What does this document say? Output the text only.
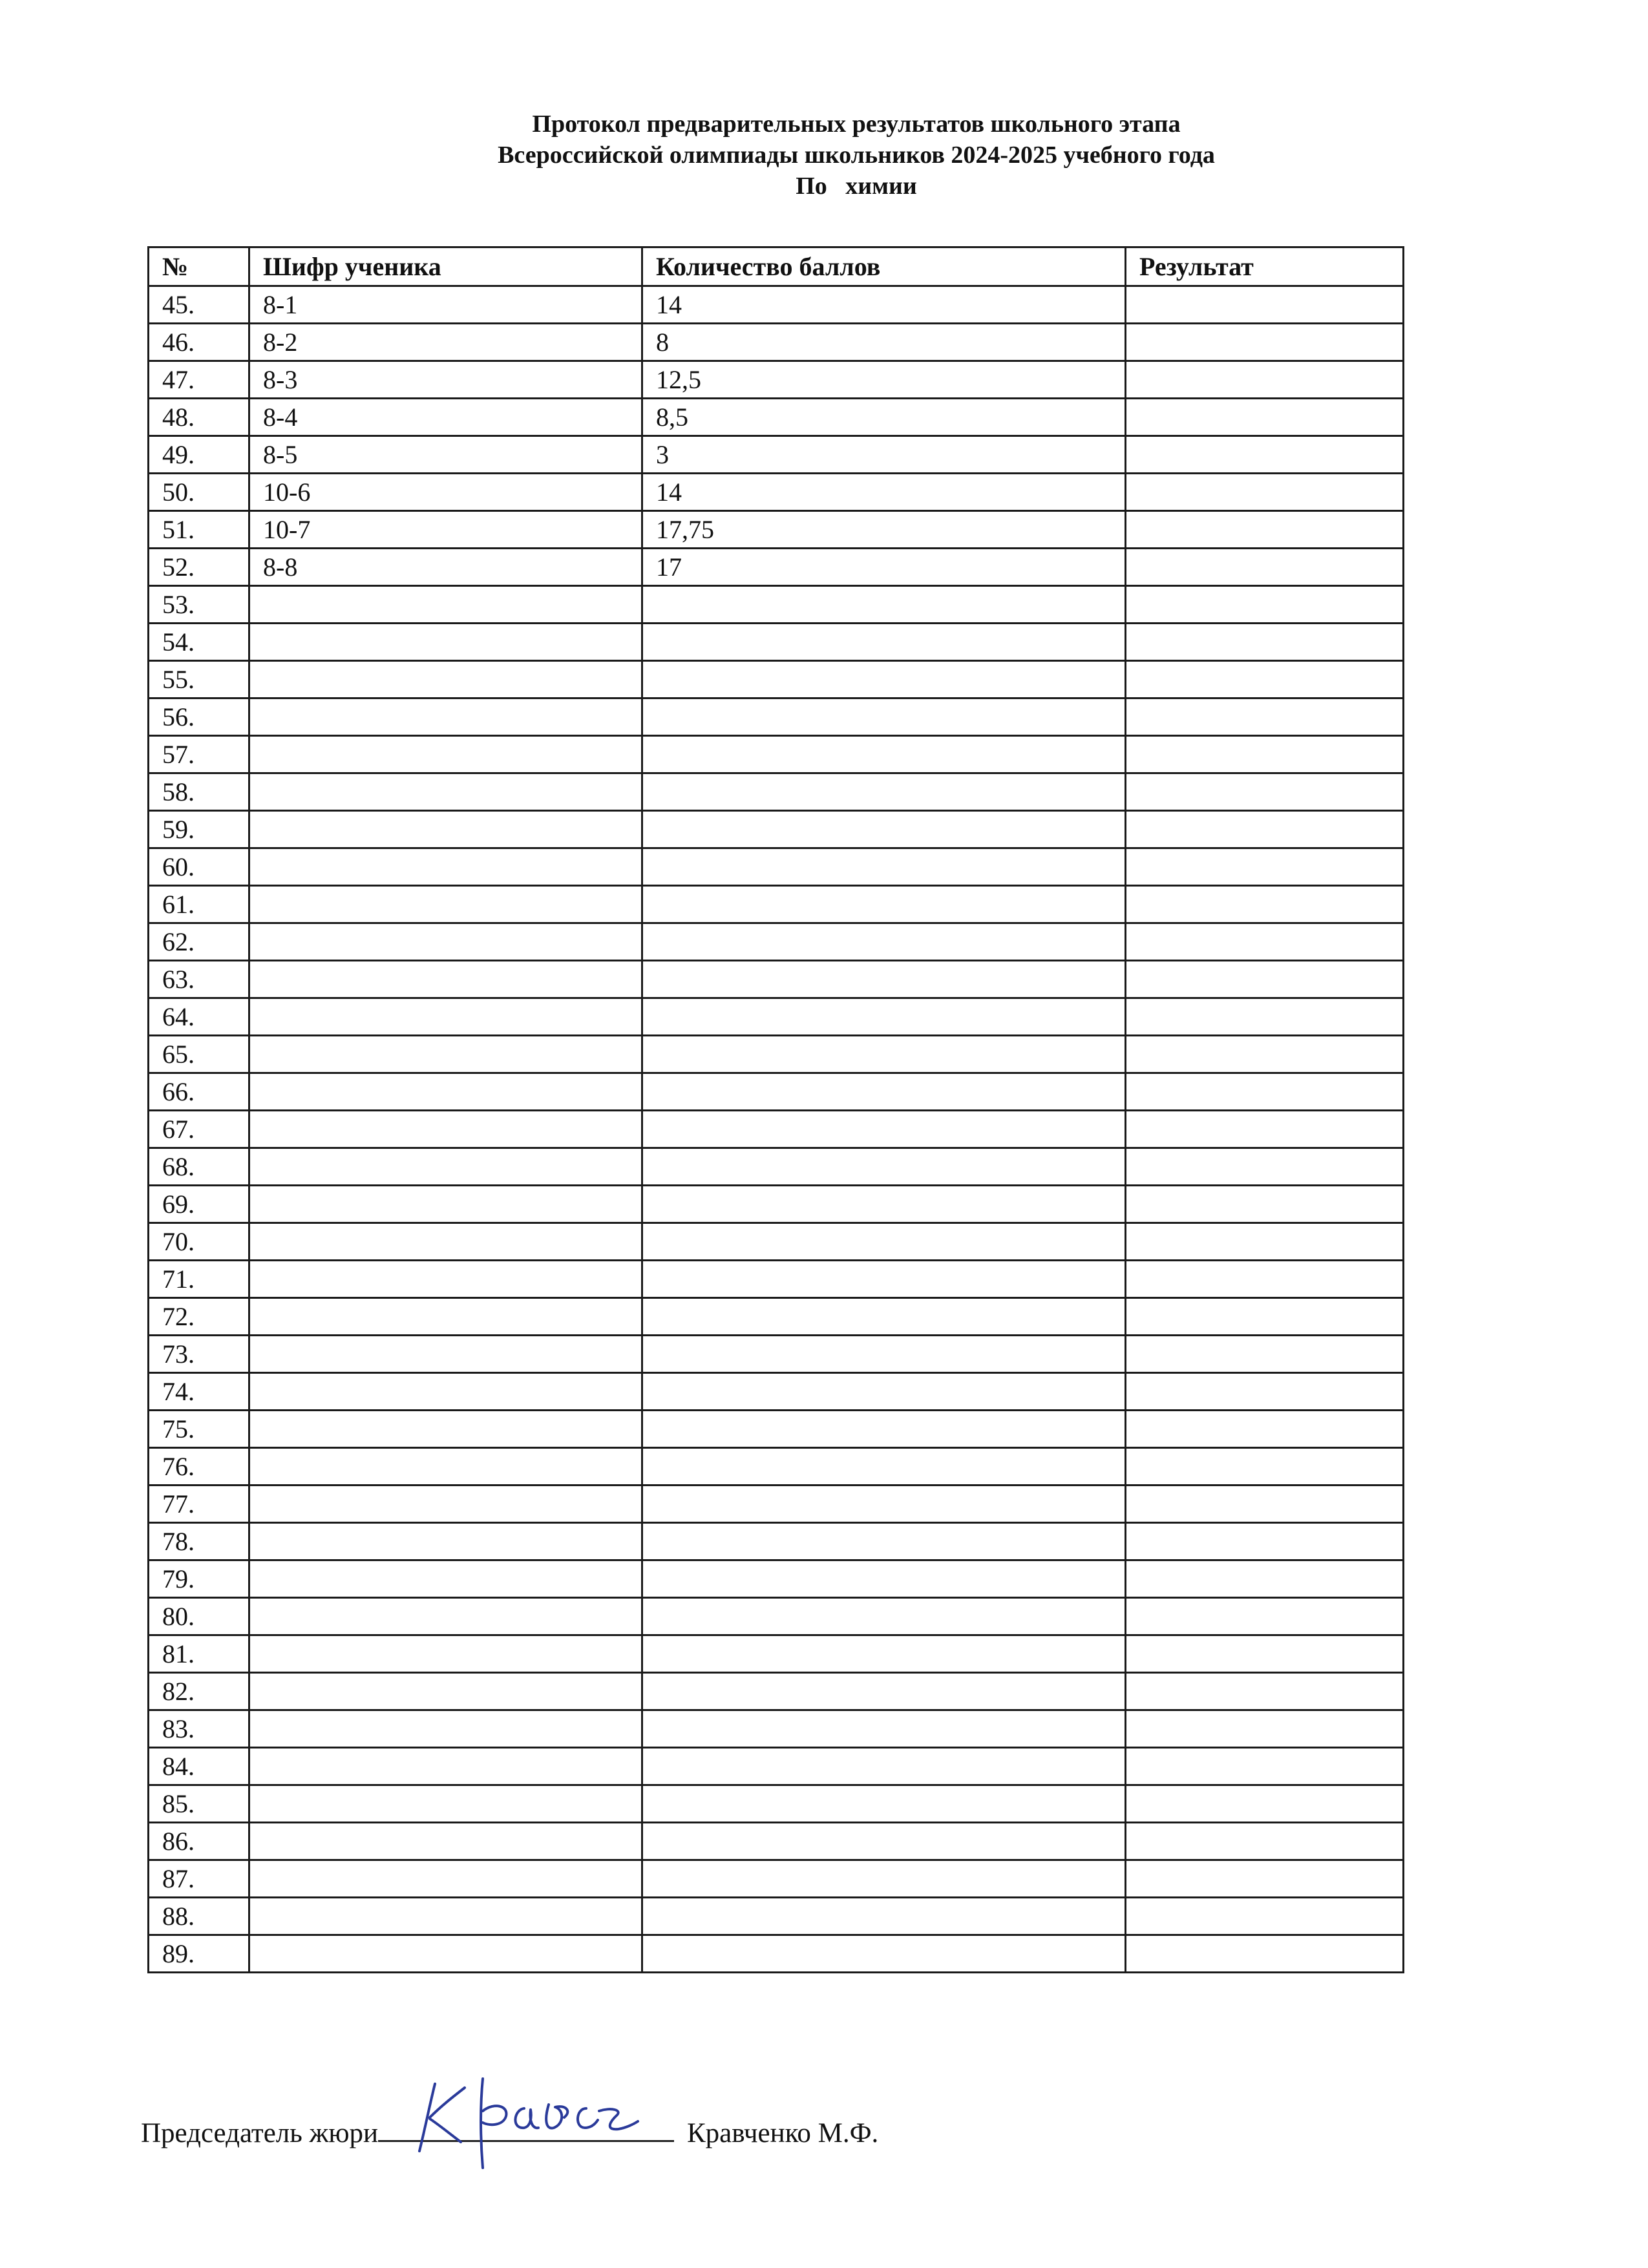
Протокол предварительных результатов школьного этапа
Всероссийской олимпиады школьников 2024-2025 учебного года
По   химии
№	Шифр ученика	Количество баллов	Результат
45.	8-1	14	
46.	8-2	8	
47.	8-3	12,5	
48.	8-4	8,5	
49.	8-5	3	
50.	10-6	14	
51.	10-7	17,75	
52.	8-8	17	
53.			
54.			
55.			
56.			
57.			
58.			
59.			
60.			
61.			
62.			
63.			
64.			
65.			
66.			
67.			
68.			
69.			
70.			
71.			
72.			
73.			
74.			
75.			
76.			
77.			
78.			
79.			
80.			
81.			
82.			
83.			
84.			
85.			
86.			
87.			
88.			
89.			
Председатель жюри	Кравченко М.Ф.
